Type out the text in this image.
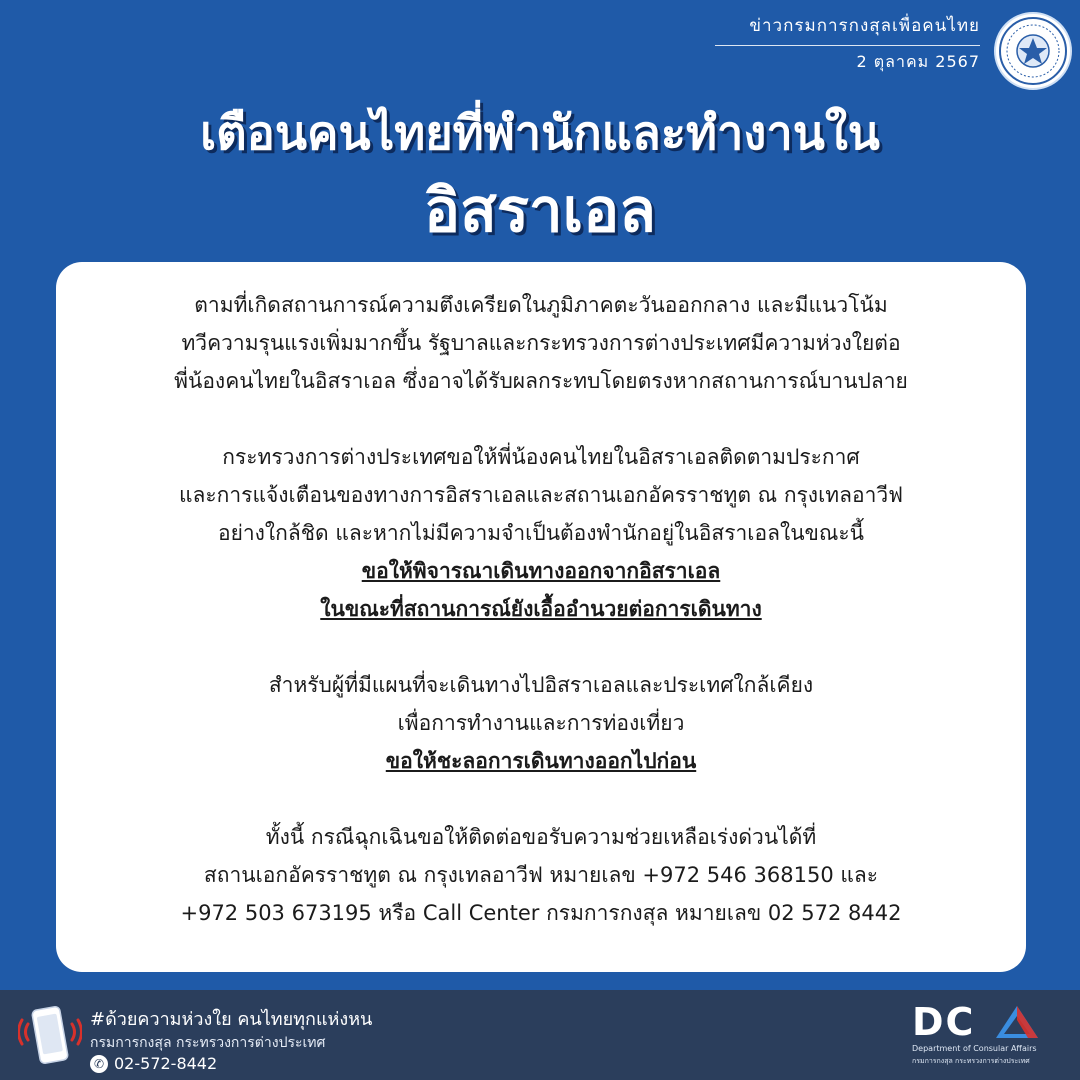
ข่าวกรมการกงสุลเพื่อคนไทย
2 ตุลาคม 2567
เตือนคนไทยที่พำนักและทำงานใน
อิสราเอล

ตามที่เกิดสถานการณ์ความตึงเครียดในภูมิภาคตะวันออกกลาง และมีแนวโน้ม
ทวีความรุนแรงเพิ่มมากขึ้น รัฐบาลและกระทรวงการต่างประเทศมีความห่วงใยต่อ
พี่น้องคนไทยในอิสราเอล ซึ่งอาจได้รับผลกระทบโดยตรงหากสถานการณ์บานปลาย

กระทรวงการต่างประเทศขอให้พี่น้องคนไทยในอิสราเอลติดตามประกาศ
และการแจ้งเตือนของทางการอิสราเอลและสถานเอกอัครราชทูต ณ กรุงเทลอาวีฟ
อย่างใกล้ชิด และหากไม่มีความจำเป็นต้องพำนักอยู่ในอิสราเอลในขณะนี้
ขอให้พิจารณาเดินทางออกจากอิสราเอล
ในขณะที่สถานการณ์ยังเอื้ออำนวยต่อการเดินทาง

สำหรับผู้ที่มีแผนที่จะเดินทางไปอิสราเอลและประเทศใกล้เคียง
เพื่อการทำงานและการท่องเที่ยว
ขอให้ชะลอการเดินทางออกไปก่อน

ทั้งนี้ กรณีฉุกเฉินขอให้ติดต่อขอรับความช่วยเหลือเร่งด่วนได้ที่
สถานเอกอัครราชทูต ณ กรุงเทลอาวีฟ หมายเลข +972 546 368150 และ
+972 503 673195 หรือ Call Center กรมการกงสุล หมายเลข 02 572 8442

#ด้วยความห่วงใย คนไทยทุกแห่งหน
กรมการกงสุล กระทรวงการต่างประเทศ
✆ 02-572-8442
DC
Department of Consular Affairs
กรมการกงสุล กระทรวงการต่างประเทศ
